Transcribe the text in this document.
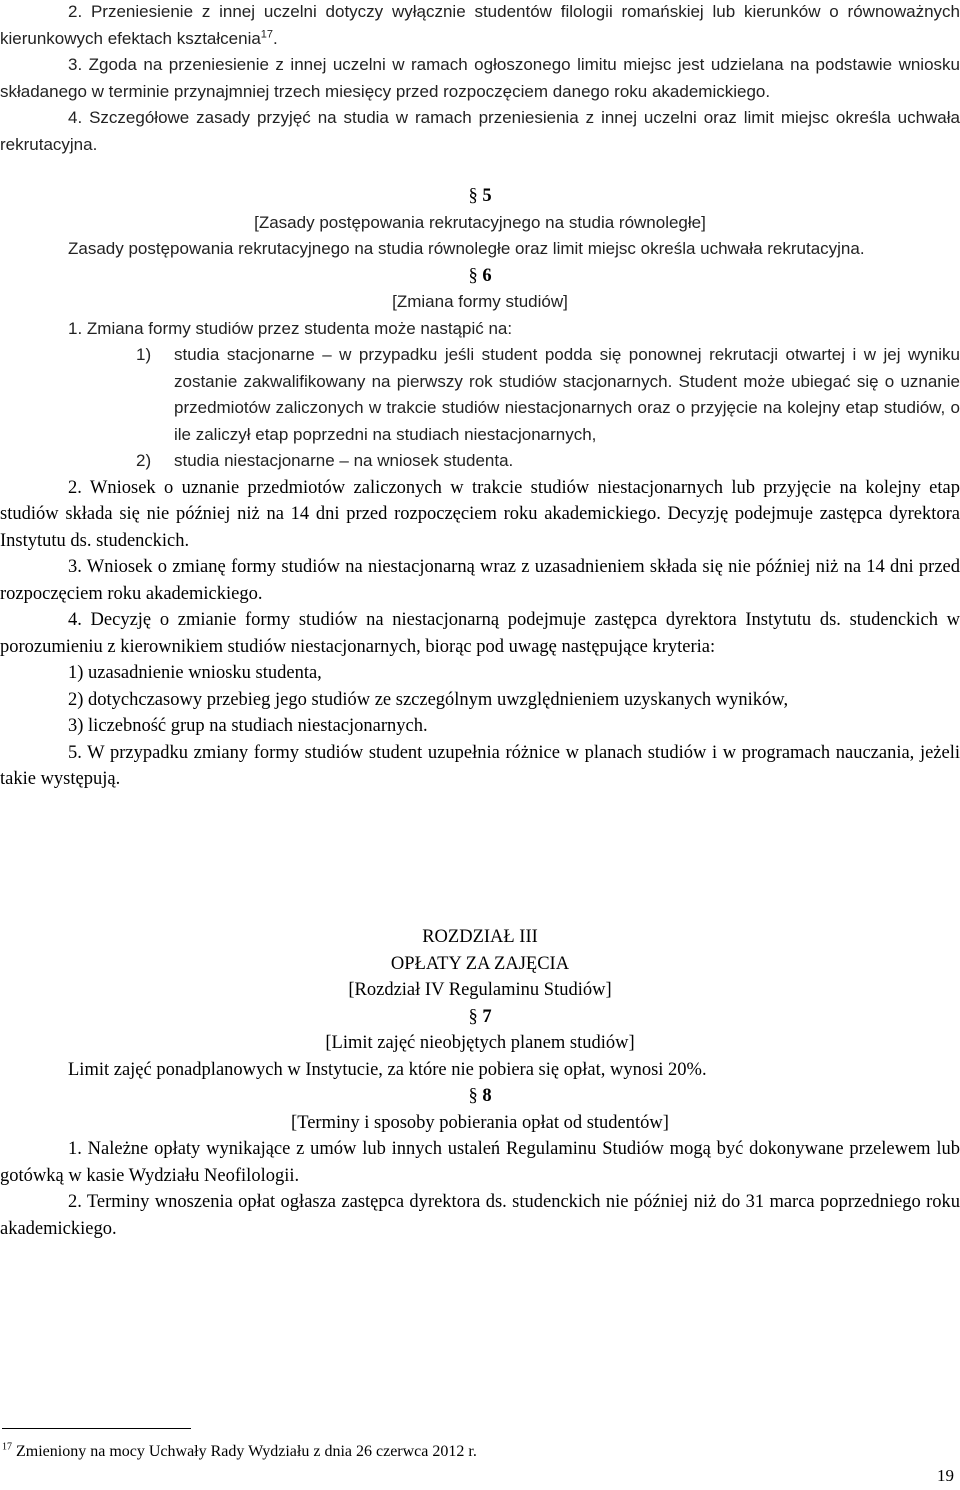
2. Przeniesienie z innej uczelni dotyczy wyłącznie studentów filologii romańskiej lub kierunków o równoważnych kierunkowych efektach kształcenia$^{17}$.

3. Zgoda na przeniesienie z innej uczelni w ramach ogłoszonego limitu miejsc jest udzielana na podstawie wniosku składanego w terminie przynajmniej trzech miesięcy przed rozpoczęciem danego roku akademickiego.

4. Szczegółowe zasady przyjęć na studia w ramach przeniesienia z innej uczelni oraz limit miejsc określa uchwała rekrutacyjna.

§ 5

[Zasady postępowania rekrutacyjnego na studia równoległe]

Zasady postępowania rekrutacyjnego na studia równoległe oraz limit miejsc określa uchwała rekrutacyjna.

§ 6

[Zmiana formy studiów]

1. Zmiana formy studiów przez studenta może nastąpić na:

1)	studia stacjonarne – w przypadku jeśli student podda się ponownej rekrutacji otwartej i w jej wyniku zostanie zakwalifikowany na pierwszy rok studiów stacjonarnych. Student może ubiegać się o uznanie przedmiotów zaliczonych w trakcie studiów niestacjonarnych oraz o przyjęcie na kolejny etap studiów, o ile zaliczył etap poprzedni na studiach niestacjonarnych,
2)	studia niestacjonarne – na wniosek studenta.

2. Wniosek o uznanie przedmiotów zaliczonych w trakcie studiów niestacjonarnych lub przyjęcie na kolejny etap studiów składa się nie później niż na 14 dni przed rozpoczęciem roku akademickiego. Decyzję podejmuje zastępca dyrektora Instytutu ds. studenckich.

3. Wniosek o zmianę formy studiów na niestacjonarną wraz z uzasadnieniem składa się nie później niż na 14 dni przed rozpoczęciem roku akademickiego.

4. Decyzję o zmianie formy studiów na niestacjonarną podejmuje zastępca dyrektora Instytutu ds. studenckich w porozumieniu z kierownikiem studiów niestacjonarnych, biorąc pod uwagę następujące kryteria:

1) uzasadnienie wniosku studenta,

2) dotychczasowy przebieg jego studiów ze szczególnym uwzględnieniem uzyskanych wyników,

3) liczebność grup na studiach niestacjonarnych.

5. W przypadku zmiany formy studiów student uzupełnia różnice w planach studiów i w programach nauczania, jeżeli takie występują.

ROZDZIAŁ III

OPŁATY ZA ZAJĘCIA

[Rozdział IV Regulaminu Studiów]

§ 7

[Limit zajęć nieobjętych planem studiów]

Limit zajęć ponadplanowych w Instytucie, za które nie pobiera się opłat, wynosi 20%.

§ 8

[Terminy i sposoby pobierania opłat od studentów]

1. Należne opłaty wynikające z umów lub innych ustaleń Regulaminu Studiów mogą być dokonywane przelewem lub gotówką w kasie Wydziału Neofilologii.

2. Terminy wnoszenia opłat ogłasza zastępca dyrektora ds. studenckich nie później niż do 31 marca poprzedniego roku akademickiego.

$^{17}$ Zmieniony na mocy Uchwały Rady Wydziału z dnia 26 czerwca 2012 r.
19
